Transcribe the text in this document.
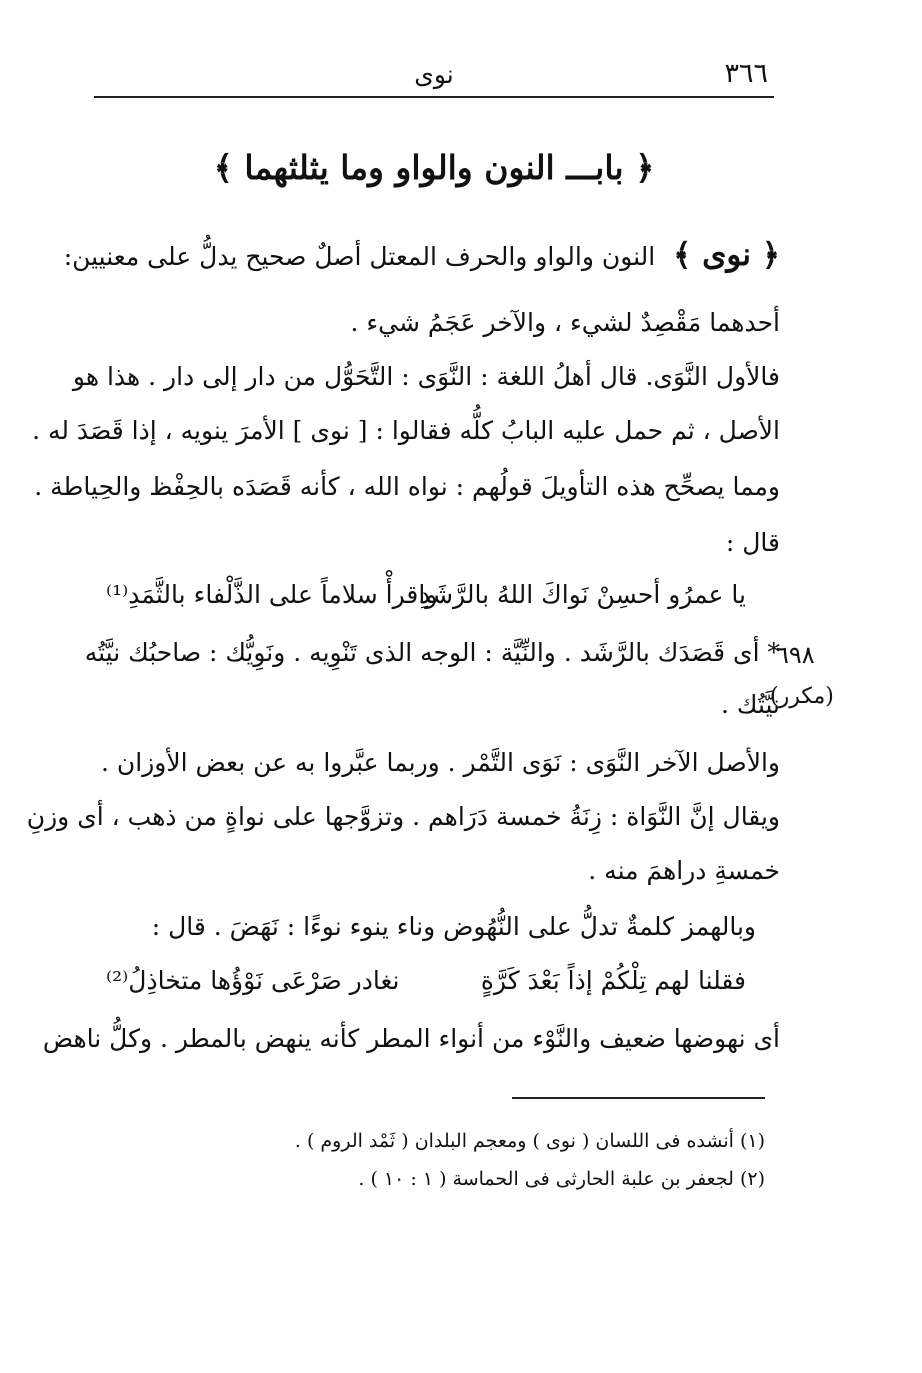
٣٦٦
نوى
﴿ بابـــ النون والواو وما يثلثهما ﴾
﴿ نوى ﴾ النون والواو والحرف المعتل أصلٌ صحيح يدلُّ على معنيين:
أحدهما مَقْصِدٌ لشيء ، والآخر عَجَمُ شيء .
فالأول النَّوَى. قال أهلُ اللغة : النَّوَى : التَّحَوُّل من دار إلى دار . هذا هو
الأصل ، ثم حمل عليه البابُ كلُّه فقالوا : [ نوى ] الأمرَ ينويه ، إذا قَصَدَ له .
ومما يصحِّح هذه التأويلَ قولُهم : نواه الله ، كأنه قَصَدَه بالحِفْظ والحِياطة .
قال :
يا عمرُو أحسِنْ نَواكَ اللهُ بالرَّشَدِ
واقرأْ سلاماً على الذَّلْفاء بالثَّمَدِ⁽¹⁾
* أى قَصَدَك بالرَّشَد . والنِّيَّة : الوجه الذى تَنْوِيه . ونَوِيُّك : صاحبُك نيَّتُه
نيَّتُك .
والأصل الآخر النَّوَى : نَوَى التَّمْر . وربما عبَّروا به عن بعض الأوزان .
ويقال إنَّ النَّوَاة : زِنَةُ خمسة دَرَاهم . وتزوَّجها على نواةٍ من ذهب ، أى وزنِ
خمسةِ دراهمَ منه .
وبالهمز كلمةٌ تدلُّ على النُّهُوض وناء ينوء نوءًا : نَهَضَ . قال :
فقلنا لهم تِلْكُمْ إذاً بَعْدَ كَرَّةٍ
نغادر صَرْعَى نَوْؤُها متخاذِلُ⁽²⁾
أى نهوضها ضعيف والنَّوْء من أنواء المطر كأنه ينهض بالمطر . وكلُّ ناهض
٦٩٨
(مكرر)
(١) أنشده فى اللسان ( نوى ) ومعجم البلدان ( ثَمْد الروم ) .
(٢) لجعفر بن علبة الحارثى فى الحماسة ( ١ : ١٠ ) .
